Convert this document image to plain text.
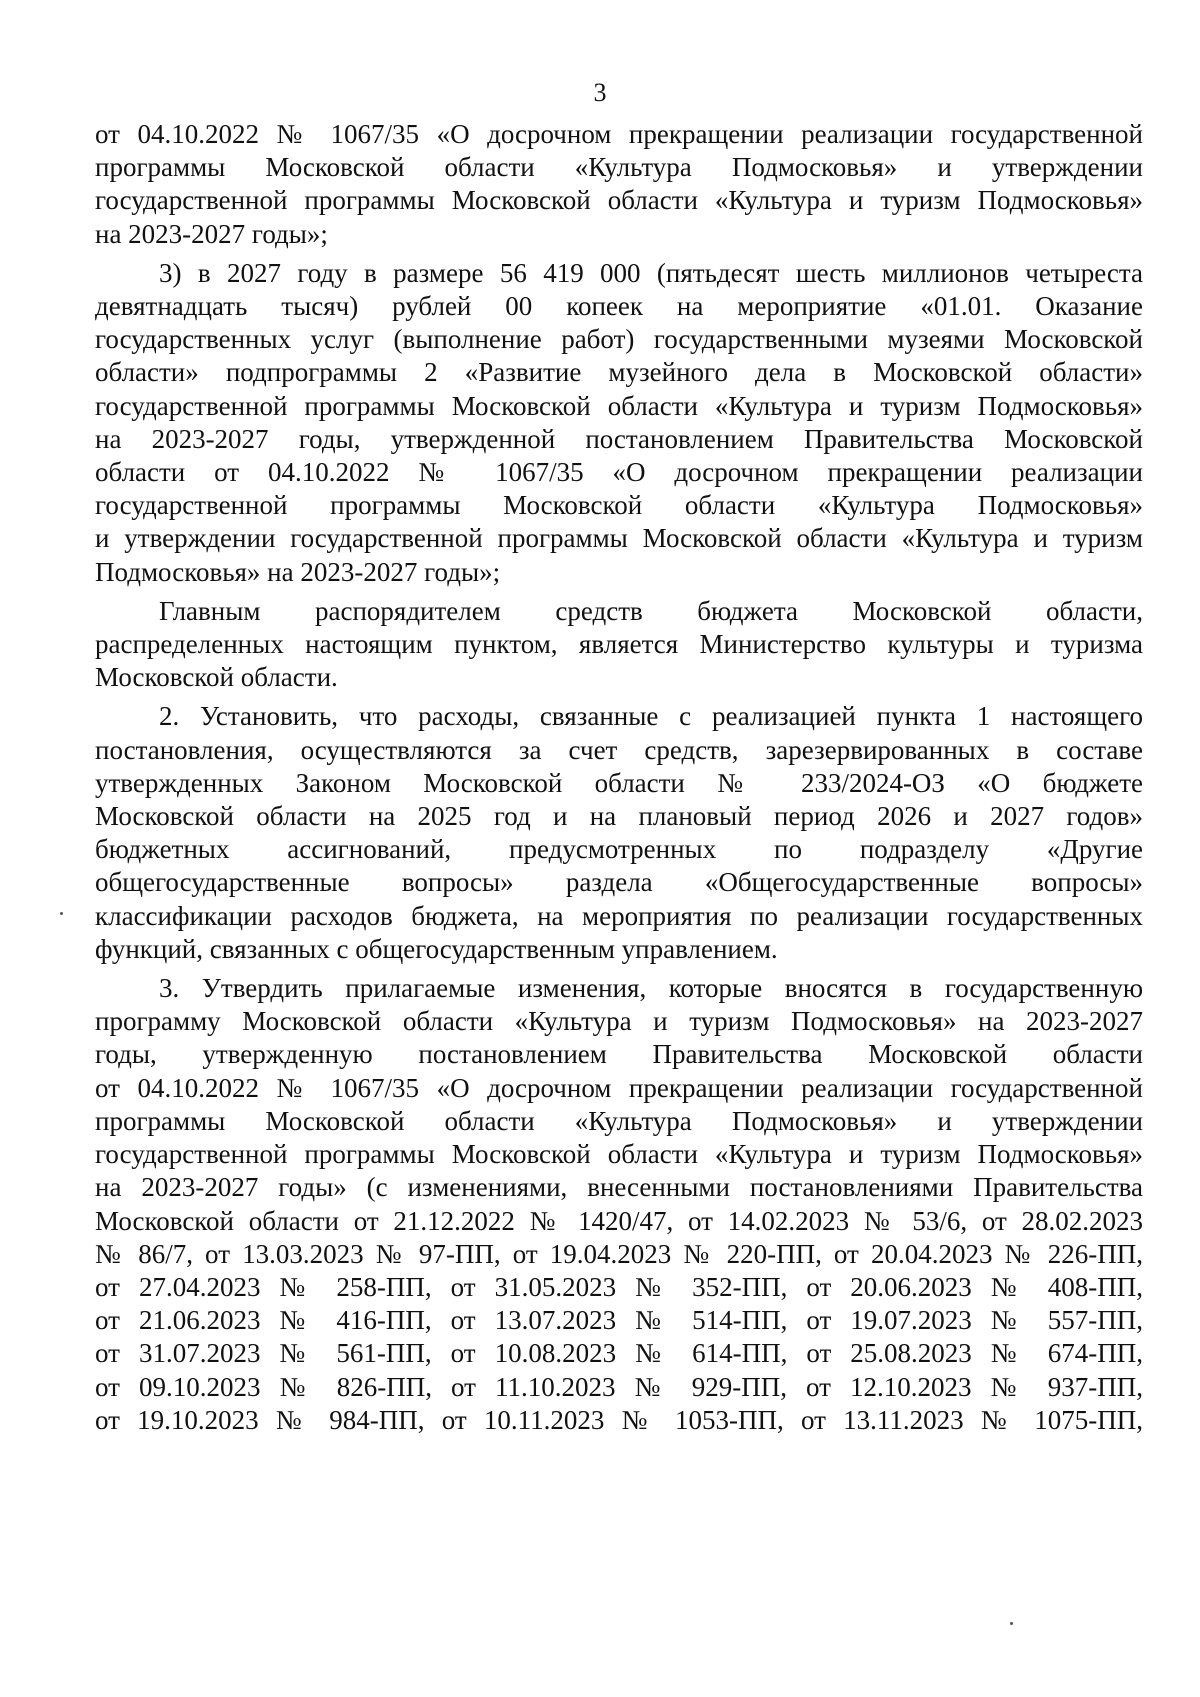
3
от 04.10.2022 № 1067/35 «О досрочном прекращении реализации государственной
программы Московской области «Культура Подмосковья» и утверждении
государственной программы Московской области «Культура и туризм Подмосковья»
на 2023-2027 годы»;
3) в 2027 году в размере 56 419 000 (пятьдесят шесть миллионов четыреста
девятнадцать тысяч) рублей 00 копеек на мероприятие «01.01. Оказание
государственных услуг (выполнение работ) государственными музеями Московской
области» подпрограммы 2 «Развитие музейного дела в Московской области»
государственной программы Московской области «Культура и туризм Подмосковья»
на 2023-2027 годы, утвержденной постановлением Правительства Московской
области от 04.10.2022 № 1067/35 «О досрочном прекращении реализации
государственной программы Московской области «Культура Подмосковья»
и утверждении государственной программы Московской области «Культура и туризм
Подмосковья» на 2023-2027 годы»;
Главным распорядителем средств бюджета Московской области,
распределенных настоящим пунктом, является Министерство культуры и туризма
Московской области.
2. Установить, что расходы, связанные с реализацией пункта 1 настоящего
постановления, осуществляются за счет средств, зарезервированных в составе
утвержденных Законом Московской области № 233/2024-ОЗ «О бюджете
Московской области на 2025 год и на плановый период 2026 и 2027 годов»
бюджетных ассигнований, предусмотренных по подразделу «Другие
общегосударственные вопросы» раздела «Общегосударственные вопросы»
классификации расходов бюджета, на мероприятия по реализации государственных
функций, связанных с общегосударственным управлением.
3. Утвердить прилагаемые изменения, которые вносятся в государственную
программу Московской области «Культура и туризм Подмосковья» на 2023-2027
годы, утвержденную постановлением Правительства Московской области
от 04.10.2022 № 1067/35 «О досрочном прекращении реализации государственной
программы Московской области «Культура Подмосковья» и утверждении
государственной программы Московской области «Культура и туризм Подмосковья»
на 2023-2027 годы» (с изменениями, внесенными постановлениями Правительства
Московской области от 21.12.2022 № 1420/47, от 14.02.2023 № 53/6, от 28.02.2023
№ 86/7, от 13.03.2023 № 97-ПП, от 19.04.2023 № 220-ПП, от 20.04.2023 № 226-ПП,
от 27.04.2023 № 258-ПП, от 31.05.2023 № 352-ПП, от 20.06.2023 № 408-ПП,
от 21.06.2023 № 416-ПП, от 13.07.2023 № 514-ПП, от 19.07.2023 № 557-ПП,
от 31.07.2023 № 561-ПП, от 10.08.2023 № 614-ПП, от 25.08.2023 № 674-ПП,
от 09.10.2023 № 826-ПП, от 11.10.2023 № 929-ПП, от 12.10.2023 № 937-ПП,
от 19.10.2023 № 984-ПП, от 10.11.2023 № 1053-ПП, от 13.11.2023 № 1075-ПП,
